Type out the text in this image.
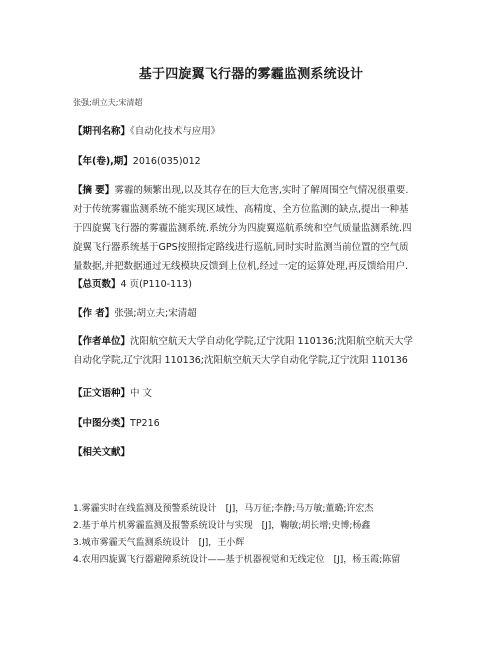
基于四旋翼飞行器的雾霾监测系统设计
张强;胡立夫;宋清超
【期刊名称】《自动化技术与应用》
【年(卷),期】2016(035)012
【摘 要】雾霾的频繁出现,以及其存在的巨大危害,实时了解周围空气情况很重要.
对于传统雾霾监测系统不能实现区域性、高精度、全方位监测的缺点,提出一种基
于四旋翼飞行器的雾霾监测系统.系统分为四旋翼巡航系统和空气质量监测系统.四
旋翼飞行器系统基于GPS按照指定路线进行巡航,同时实时监测当前位置的空气质
量数据,并把数据通过无线模块反馈到上位机,经过一定的运算处理,再反馈给用户.
【总页数】4 页(P110-113)
【作 者】张强;胡立夫;宋清超
【作者单位】沈阳航空航天大学自动化学院,辽宁沈阳 110136;沈阳航空航天大学
自动化学院,辽宁沈阳 110136;沈阳航空航天大学自动化学院,辽宁沈阳 110136
【正文语种】中 文
【中图分类】TP216
【相关文献】
1.雾霾实时在线监测及预警系统设计　[J]，马万征;李静;马万敏;董璐;许宏杰
2.基于单片机雾霾监测及报警系统设计与实现　[J]，鞠敏;胡长增;史博;杨鑫
3.城市雾霾天气监测系统设计　[J]，王小辉
4.农用四旋翼飞行器避障系统设计——基于机器视觉和无线定位　[J]，杨玉霞;陈留
